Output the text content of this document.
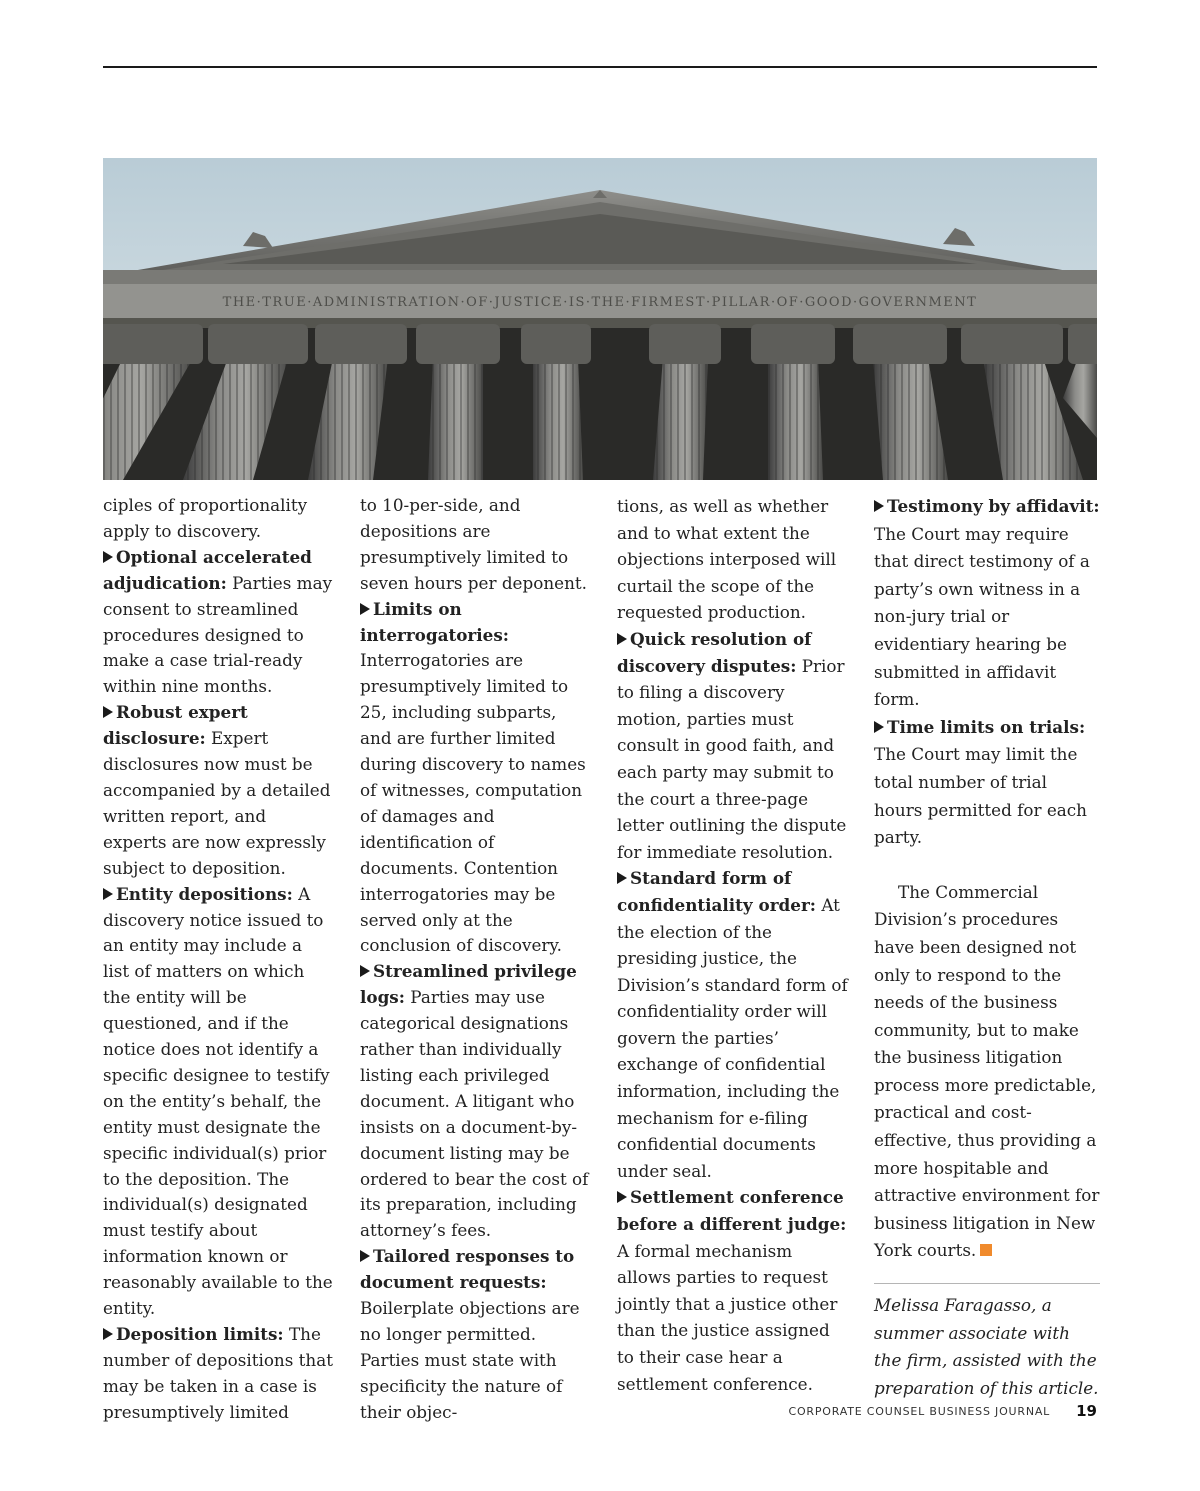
THE·TRUE·ADMINISTRATION·OF·JUSTICE·IS·THE·FIRMEST·PILLAR·OF·GOOD·GOVERNMENT

ciples of proportionality apply to discovery.

Optional accelerated adjudication: Parties may consent to streamlined procedures designed to make a case trial-ready within nine months.

Robust expert disclosure: Expert disclosures now must be accompanied by a detailed written report, and experts are now expressly subject to deposition.

Entity depositions: A discovery notice issued to an entity may include a list of matters on which the entity will be questioned, and if the notice does not identify a specific designee to testify on the entity’s behalf, the entity must designate the specific individual(s) prior to the deposition. The individual(s) designated must testify about information known or reasonably available to the entity.

Deposition limits: The number of depositions that may be taken in a case is presumptively limited

to 10-per-side, and depositions are presumptively limited to seven hours per deponent.

Limits on interrogatories: Interrogatories are presumptively limited to 25, including subparts, and are further limited during discovery to names of witnesses, computation of damages and identification of documents. Contention interrogatories may be served only at the conclusion of discovery.

Streamlined privilege logs: Parties may use categorical designations rather than individually listing each privileged document. A litigant who insists on a document-by-document listing may be ordered to bear the cost of its preparation, including attorney’s fees.

Tailored responses to document requests: Boilerplate objections are no longer permitted. Parties must state with specificity the nature of their objec-

tions, as well as whether and to what extent the objections interposed will curtail the scope of the requested production.

Quick resolution of discovery disputes: Prior to filing a discovery motion, parties must consult in good faith, and each party may submit to the court a three-page letter outlining the dispute for immediate resolution.

Standard form of confidentiality order: At the election of the presiding justice, the Division’s standard form of confidentiality order will govern the parties’ exchange of confidential information, including the mechanism for e-filing confidential documents under seal.

Settlement conference before a different judge: A formal mechanism allows parties to request jointly that a justice other than the justice assigned to their case hear a settlement conference.

Testimony by affidavit: The Court may require that direct testimony of a party’s own witness in a non-jury trial or evidentiary hearing be submitted in affidavit form.

Time limits on trials: The Court may limit the total number of trial hours permitted for each party.

The Commercial Division’s procedures have been designed not only to respond to the needs of the business community, but to make the business litigation process more predictable, practical and cost-effective, thus providing a more hospitable and attractive environment for business litigation in New York courts.

Melissa Faragasso, a summer associate with the firm, assisted with the preparation of this article.

CORPORATE COUNSEL BUSINESS JOURNAL 19
